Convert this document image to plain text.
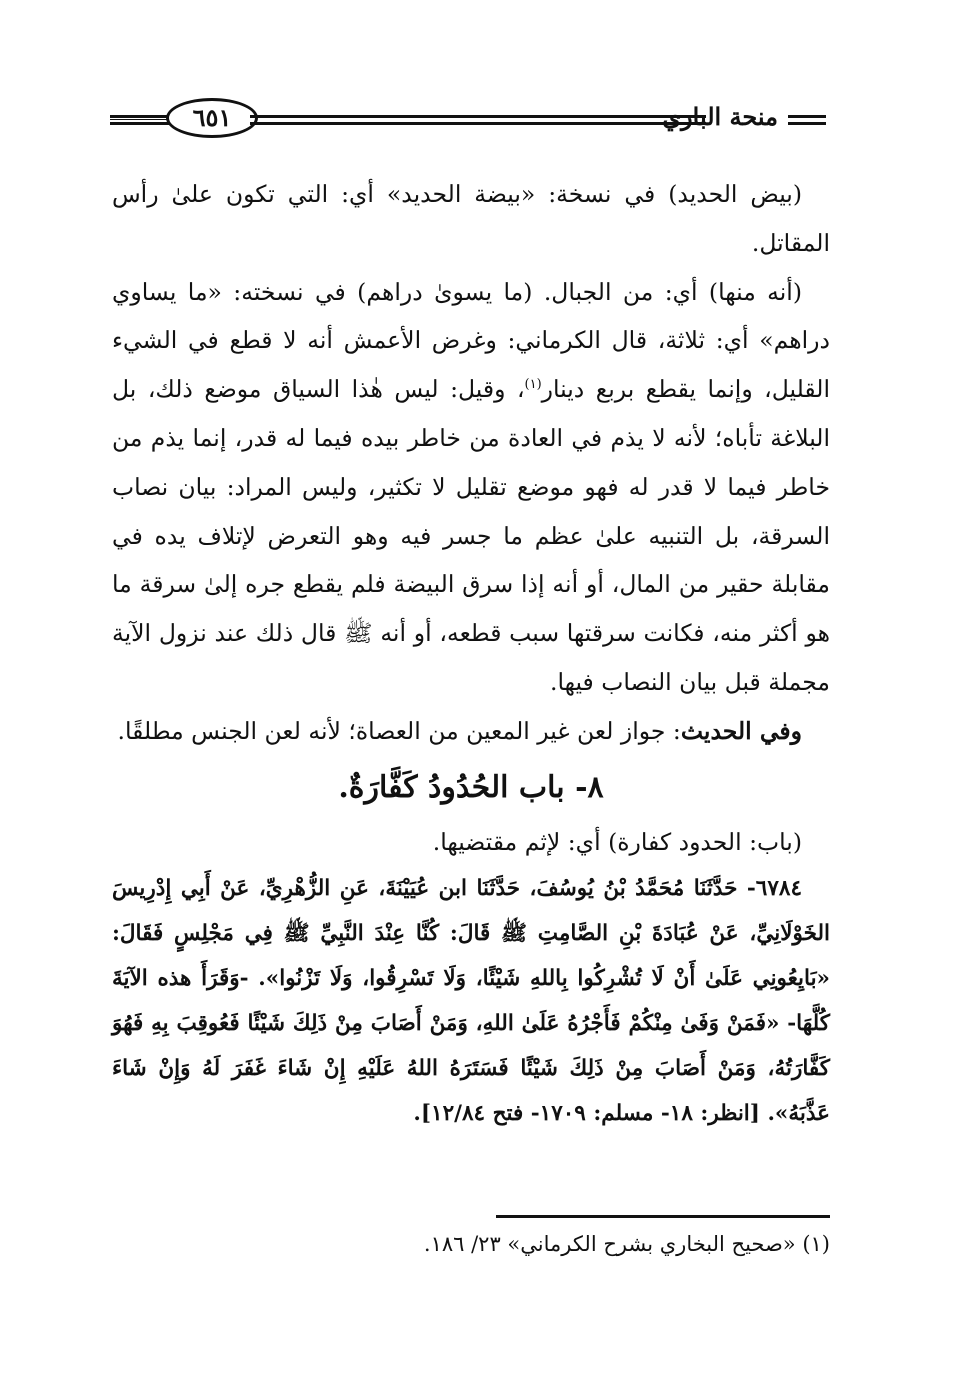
٦٥١	منحة الباري

(بيض الحديد) في نسخة: «بيضة الحديد» أي: التي تكون علىٰ رأس المقاتل.

(أنه منها) أي: من الجبال. (ما يسوىٰ دراهم) في نسخته: «ما يساوي دراهم» أي: ثلاثة، قال الكرماني: وغرض الأعمش أنه لا قطع في الشيء القليل، وإنما يقطع بربع دينار$^{(١)}$، وقيل: ليس هٰذا السياق موضع ذلك، بل البلاغة تأباه؛ لأنه لا يذم في العادة من خاطر بيده فيما له قدر، إنما يذم من خاطر فيما لا قدر له فهو موضع تقليل لا تكثير، وليس المراد: بيان نصاب السرقة، بل التنبيه علىٰ عظم ما جسر فيه وهو التعرض لإتلاف يده في مقابلة حقير من المال، أو أنه إذا سرق البيضة فلم يقطع جره إلىٰ سرقة ما هو أكثر منه، فكانت سرقتها سبب قطعه، أو أنه ﷺ قال ذلك عند نزول الآية مجملة قبل بيان النصاب فيها.

وفي الحديث: جواز لعن غير المعين من العصاة؛ لأنه لعن الجنس مطلقًا.

٨- باب الحُدُودُ كَفَّارَةٌ.

(باب: الحدود كفارة) أي: لإثم مقتضيها.

٦٧٨٤- حَدَّثَنَا مُحَمَّدُ بْنُ يُوسُفَ، حَدَّثَنَا ابن عُيَيْنَةَ، عَنِ الزُّهْرِيِّ، عَنْ أَبِي إِدْرِيسَ الخَوْلَانِيِّ، عَنْ عُبَادَةَ بْنِ الصَّامِتِ ﷺ قَالَ: كُنَّا عِنْدَ النَّبِيِّ ﷺ فِي مَجْلِسٍ فَقَالَ: «بَايِعُونِي عَلَىٰ أَنْ لَا تُشْرِكُوا بِاللهِ شَيْئًا، وَلَا تَسْرِقُوا، وَلَا تَزْنُوا». -وَقَرَأَ هذه الآيَةَ كُلَّهَا- «فَمَنْ وَفَىٰ مِنْكُمْ فَأَجْرُهُ عَلَىٰ اللهِ، وَمَنْ أَصَابَ مِنْ ذَلِكَ شَيْئًا فَعُوقِبَ بِهِ فَهُوَ كَفَّارَتُهُ، وَمَنْ أَصَابَ مِنْ ذَلِكَ شَيْئًا فَسَتَرَهُ اللهُ عَلَيْهِ إِنْ شَاءَ غَفَرَ لَهُ وَإِنْ شَاءَ عَذَّبَهُ». [انظر: ١٨- مسلم: ١٧٠٩- فتح ١٢/٨٤].

(١) «صحيح البخاري بشرح الكرماني» ٢٣/ ١٨٦.
